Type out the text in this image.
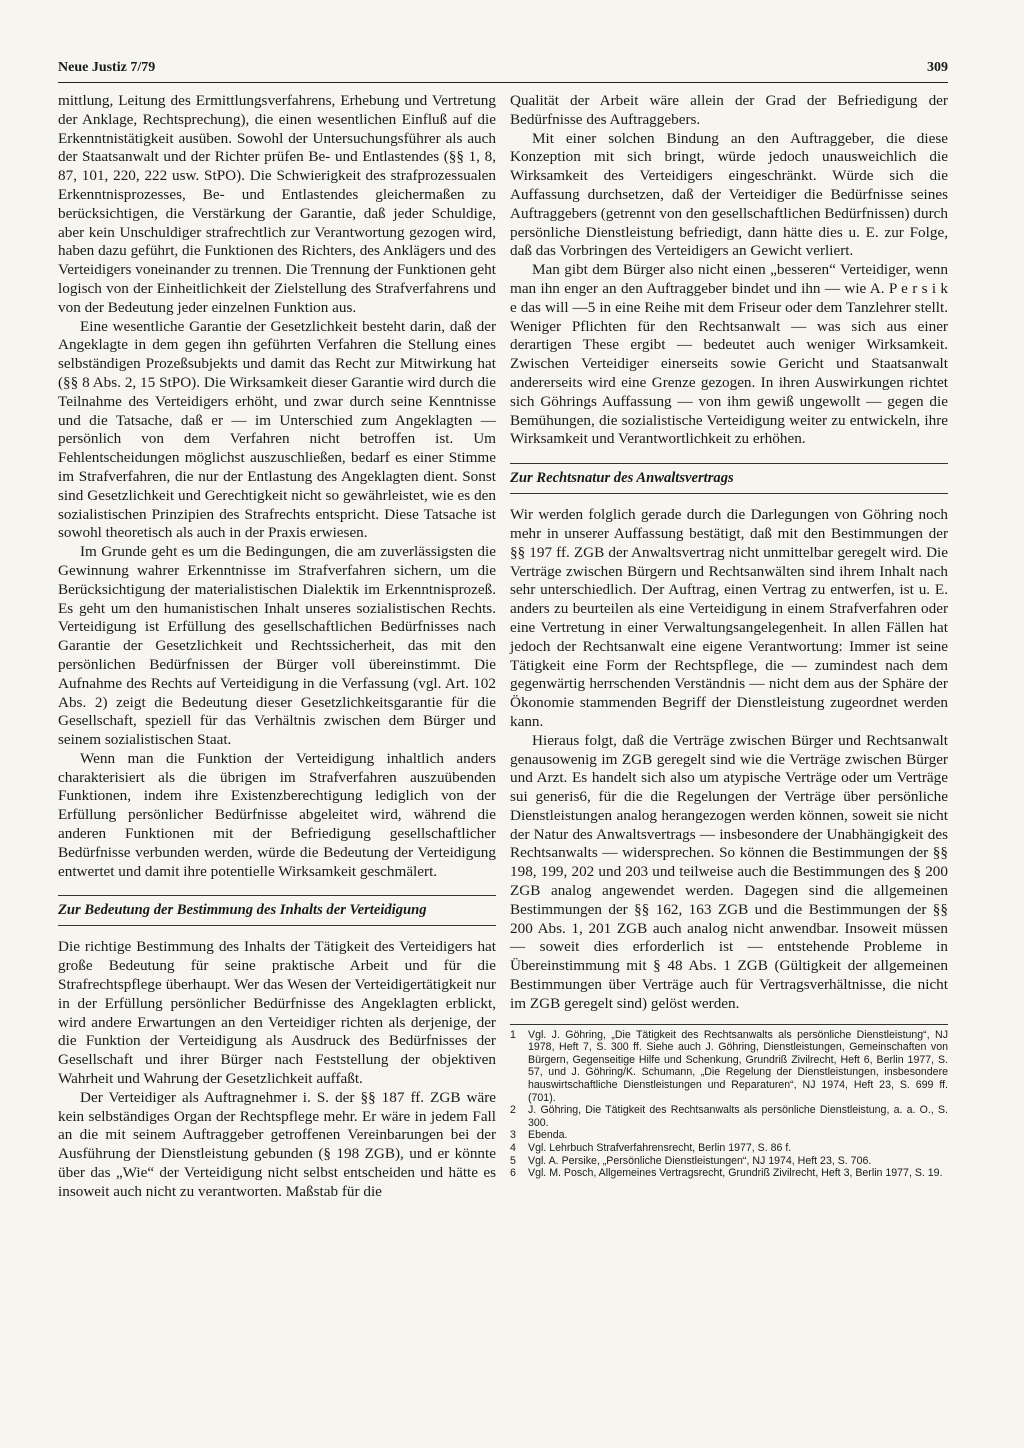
Neue Justiz 7/79	309

mittlung, Leitung des Ermittlungsverfahrens, Erhebung und Vertretung der Anklage, Rechtsprechung), die einen wesentlichen Einfluß auf die Erkenntnistätigkeit ausüben. Sowohl der Untersuchungsführer als auch der Staatsanwalt und der Richter prüfen Be- und Entlastendes (§§ 1, 8, 87, 101, 220, 222 usw. StPO). Die Schwierigkeit des strafprozessualen Erkenntnisprozesses, Be- und Entlastendes gleichermaßen zu berücksichtigen, die Verstärkung der Garantie, daß jeder Schuldige, aber kein Unschuldiger strafrechtlich zur Verantwortung gezogen wird, haben dazu geführt, die Funktionen des Richters, des Anklägers und des Verteidigers voneinander zu trennen. Die Trennung der Funktionen geht logisch von der Einheitlichkeit der Zielstellung des Strafverfahrens und von der Bedeutung jeder einzelnen Funktion aus.

Eine wesentliche Garantie der Gesetzlichkeit besteht darin, daß der Angeklagte in dem gegen ihn geführten Verfahren die Stellung eines selbständigen Prozeßsubjekts und damit das Recht zur Mitwirkung hat (§§ 8 Abs. 2, 15 StPO). Die Wirksamkeit dieser Garantie wird durch die Teilnahme des Verteidigers erhöht, und zwar durch seine Kenntnisse und die Tatsache, daß er — im Unterschied zum Angeklagten — persönlich von dem Verfahren nicht betroffen ist. Um Fehlentscheidungen möglichst auszuschließen, bedarf es einer Stimme im Strafverfahren, die nur der Entlastung des Angeklagten dient. Sonst sind Gesetzlichkeit und Gerechtigkeit nicht so gewährleistet, wie es den sozialistischen Prinzipien des Strafrechts entspricht. Diese Tatsache ist sowohl theoretisch als auch in der Praxis erwiesen.

Im Grunde geht es um die Bedingungen, die am zuverlässigsten die Gewinnung wahrer Erkenntnisse im Strafverfahren sichern, um die Berücksichtigung der materialistischen Dialektik im Erkenntnisprozeß. Es geht um den humanistischen Inhalt unseres sozialistischen Rechts. Verteidigung ist Erfüllung des gesellschaftlichen Bedürfnisses nach Garantie der Gesetzlichkeit und Rechtssicherheit, das mit den persönlichen Bedürfnissen der Bürger voll übereinstimmt. Die Aufnahme des Rechts auf Verteidigung in die Verfassung (vgl. Art. 102 Abs. 2) zeigt die Bedeutung dieser Gesetzlichkeitsgarantie für die Gesellschaft, speziell für das Verhältnis zwischen dem Bürger und seinem sozialistischen Staat.

Wenn man die Funktion der Verteidigung inhaltlich anders charakterisiert als die übrigen im Strafverfahren auszuübenden Funktionen, indem ihre Existenzberechtigung lediglich von der Erfüllung persönlicher Bedürfnisse abgeleitet wird, während die anderen Funktionen mit der Befriedigung gesellschaftlicher Bedürfnisse verbunden werden, würde die Bedeutung der Verteidigung entwertet und damit ihre potentielle Wirksamkeit geschmälert.

Zur Bedeutung der Bestimmung des Inhalts der Verteidigung

Die richtige Bestimmung des Inhalts der Tätigkeit des Verteidigers hat große Bedeutung für seine praktische Arbeit und für die Strafrechtspflege überhaupt. Wer das Wesen der Verteidigertätigkeit nur in der Erfüllung persönlicher Bedürfnisse des Angeklagten erblickt, wird andere Erwartungen an den Verteidiger richten als derjenige, der die Funktion der Verteidigung als Ausdruck des Bedürfnisses der Gesellschaft und ihrer Bürger nach Feststellung der objektiven Wahrheit und Wahrung der Gesetzlichkeit auffaßt.

Der Verteidiger als Auftragnehmer i. S. der §§ 187 ff. ZGB wäre kein selbständiges Organ der Rechtspflege mehr. Er wäre in jedem Fall an die mit seinem Auftraggeber getroffenen Vereinbarungen bei der Ausführung der Dienstleistung gebunden (§ 198 ZGB), und er könnte über das „Wie“ der Verteidigung nicht selbst entscheiden und hätte es insoweit auch nicht zu verantworten. Maßstab für die

Qualität der Arbeit wäre allein der Grad der Befriedigung der Bedürfnisse des Auftraggebers.

Mit einer solchen Bindung an den Auftraggeber, die diese Konzeption mit sich bringt, würde jedoch unausweichlich die Wirksamkeit des Verteidigers eingeschränkt. Würde sich die Auffassung durchsetzen, daß der Verteidiger die Bedürfnisse seines Auftraggebers (getrennt von den gesellschaftlichen Bedürfnissen) durch persönliche Dienstleistung befriedigt, dann hätte dies u. E. zur Folge, daß das Vorbringen des Verteidigers an Gewicht verliert.

Man gibt dem Bürger also nicht einen „besseren“ Verteidiger, wenn man ihn enger an den Auftraggeber bindet und ihn — wie A. P e r s i k e das will —5 in eine Reihe mit dem Friseur oder dem Tanzlehrer stellt. Weniger Pflichten für den Rechtsanwalt — was sich aus einer derartigen These ergibt — bedeutet auch weniger Wirksamkeit. Zwischen Verteidiger einerseits sowie Gericht und Staatsanwalt andererseits wird eine Grenze gezogen. In ihren Auswirkungen richtet sich Göhrings Auffassung — von ihm gewiß ungewollt — gegen die Bemühungen, die sozialistische Verteidigung weiter zu entwickeln, ihre Wirksamkeit und Verantwortlichkeit zu erhöhen.

Zur Rechtsnatur des Anwaltsvertrags

Wir werden folglich gerade durch die Darlegungen von Göhring noch mehr in unserer Auffassung bestätigt, daß mit den Bestimmungen der §§ 197 ff. ZGB der Anwaltsvertrag nicht unmittelbar geregelt wird. Die Verträge zwischen Bürgern und Rechtsanwälten sind ihrem Inhalt nach sehr unterschiedlich. Der Auftrag, einen Vertrag zu entwerfen, ist u. E. anders zu beurteilen als eine Verteidigung in einem Strafverfahren oder eine Vertretung in einer Verwaltungsangelegenheit. In allen Fällen hat jedoch der Rechtsanwalt eine eigene Verantwortung: Immer ist seine Tätigkeit eine Form der Rechtspflege, die — zumindest nach dem gegenwärtig herrschenden Verständnis — nicht dem aus der Sphäre der Ökonomie stammenden Begriff der Dienstleistung zugeordnet werden kann.

Hieraus folgt, daß die Verträge zwischen Bürger und Rechtsanwalt genausowenig im ZGB geregelt sind wie die Verträge zwischen Bürger und Arzt. Es handelt sich also um atypische Verträge oder um Verträge sui generis6, für die die Regelungen der Verträge über persönliche Dienstleistungen analog herangezogen werden können, soweit sie nicht der Natur des Anwaltsvertrags — insbesondere der Unabhängigkeit des Rechtsanwalts — widersprechen. So können die Bestimmungen der §§ 198, 199, 202 und 203 und teilweise auch die Bestimmungen des § 200 ZGB analog angewendet werden. Dagegen sind die allgemeinen Bestimmungen der §§ 162, 163 ZGB und die Bestimmungen der §§ 200 Abs. 1, 201 ZGB auch analog nicht anwendbar. Insoweit müssen — soweit dies erforderlich ist — entstehende Probleme in Übereinstimmung mit § 48 Abs. 1 ZGB (Gültigkeit der allgemeinen Bestimmungen über Verträge auch für Vertragsverhältnisse, die nicht im ZGB geregelt sind) gelöst werden.

1	Vgl. J. Göhring, „Die Tätigkeit des Rechtsanwalts als persönliche Dienstleistung“, NJ 1978, Heft 7, S. 300 ff. Siehe auch J. Göhring, Dienstleistungen, Gemeinschaften von Bürgern, Gegenseitige Hilfe und Schenkung, Grundriß Zivilrecht, Heft 6, Berlin 1977, S. 57, und J. Göhring/K. Schumann, „Die Regelung der Dienstleistungen, insbesondere hauswirtschaftliche Dienstleistungen und Reparaturen“, NJ 1974, Heft 23, S. 699 ff. (701).
2	J. Göhring, Die Tätigkeit des Rechtsanwalts als persönliche Dienstleistung, a. a. O., S. 300.
3	Ebenda.
4	Vgl. Lehrbuch Strafverfahrensrecht, Berlin 1977, S. 86 f.
5	Vgl. A. Persike, „Persönliche Dienstleistungen“, NJ 1974, Heft 23, S. 706.
6	Vgl. M. Posch, Allgemeines Vertragsrecht, Grundriß Zivilrecht, Heft 3, Berlin 1977, S. 19.
